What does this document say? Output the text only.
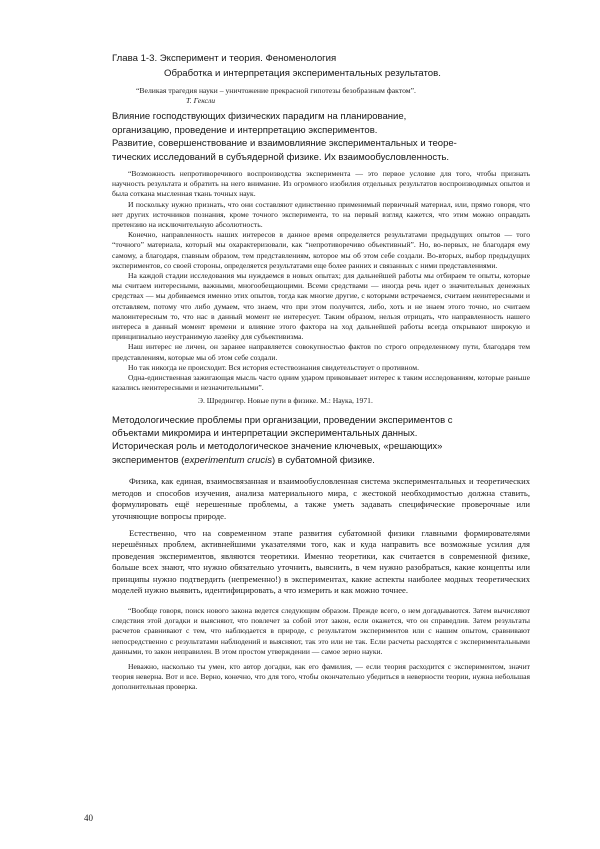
Глава 1-3. Эксперимент и теория. Феноменология
Обработка и интерпретация экспериментальных результатов.
“Великая трагедия науки – уничтожение прекрасной гипотезы безобразным фактом”.
Т. Гексли

Влияние господствующих физических парадигм на планирование,

организацию, проведение и интерпретацию экспериментов.

Развитие, совершенствование и взаимовлияние экспериментальных и теоре-

тических исследований в субъядерной физике. Их взаимообусловленность.

“Возможность непротиворечивого воспроизводства эксперимента — это первое условие для того, чтобы признать научность результата и обратить на него внимание. Из огромного изобилия отдельных результатов воспроизводимых опытов и была соткана мысленная ткань точных наук.

И поскольку нужно признать, что они составляют единственно применимый первичный материал, или, прямо говоря, что нет других источников познания, кроме точного эксперимента, то на первый взгляд кажется, что этим можно оправдать претензию на исключительную абсолютность.

Конечно, направленность наших интересов в данное время определяется результатами предыдущих опытов — того “точного” материала, который мы охарактеризовали, как “непротиворечиво объективный”. Но, во-первых, не благодаря ему самому, а благодаря, главным образом, тем представлениям, которое мы об этом себе создали. Во-вторых, выбор предыдущих экспериментов, со своей стороны, определяется результатами еще более ранних и связанных с ними представлениями.

На каждой стадии исследования мы нуждаемся в новых опытах; для дальнейшей работы мы отбираем те опыты, которые мы считаем интересными, важными, многообещающими. Всеми средствами — иногда речь идет о значительных денежных средствах — мы добиваемся именно этих опытов, тогда как многие другие, с которыми встречаемся, считаем неинтересными и отставляем, потому что либо думаем, что знаем, что при этом получится, либо, хоть и не знаем этого точно, но считаем малоинтересным то, что нас в данный момент не интересует. Таким образом, нельзя отрицать, что направленность нашего интереса в данный момент времени и влияние этого фактора на ход дальнейшей работы всегда открывают широкую и принципиально неустранимую лазейку для субъективизма.

Наш интерес не личен, он заранее направляется совокупностью фактов по строго определенному пути, благодаря тем представлениям, которые мы об этом себе создали.

Но так никогда не происходит. Вся история естествознания свидетельствует о противном.

Одна-единственная зажигающая мысль часто одним ударом приковывает интерес к таким исследованиям, которые раньше казались неинтересными и незначительными”.

Э. Шредингер. Новые пути в физике. М.: Наука, 1971.

Методологические проблемы при организации, проведении экспериментов с

объектами микромира и интерпретации экспериментальных данных.

Историческая роль и методологическое значение ключевых, «решающих»

экспериментов (experimentum crucis) в субатомной физике.

Физика, как единая, взаимосвязанная и взаимообусловленная система экспериментальных и теоретических методов и способов изучения, анализа материального мира, с жестокой необходимостью должна ставить, формулировать ещё нерешенные проблемы, а также уметь задавать специфические проверочные или уточняющие вопросы природе.

Естественно, что на современном этапе развития субатомной физики главными формирователями нерешённых проблем, активнейшими указателями того, как и куда направить все возможные усилия для проведения экспериментов, являются теоретики. Именно теоретики, как считается в современной физике, больше всех знают, что нужно обязательно уточнить, выяснить, в чем нужно разобраться, какие концепты или принципы нужно подтвердить (непременно!) в экспериментах, какие аспекты наиболее модных теоретических моделей нужно выявить, идентифицировать, а что измерить и как можно точнее.

“Вообще говоря, поиск нового закона ведется следующим образом. Прежде всего, о нем догадываются. Затем вычисляют следствия этой догадки и выясняют, что повлечет за собой этот закон, если окажется, что он справедлив. Затем результаты расчетов сравнивают с тем, что наблюдается в природе, с результатом экспериментов или с нашим опытом, сравнивают непосредственно с результатами наблюдений и выясняют, так это или не так. Если расчеты расходятся с экспериментальными данными, то закон неправилен. В этом простом утверждении — самое зерно науки.

Неважно, насколько ты умен, кто автор догадки, как его фамилия, — если теория расходится с экспериментом, значит теория неверна. Вот и все. Верно, конечно, что для того, чтобы окончательно убедиться в неверности теории, нужна небольшая дополнительная проверка.

40
